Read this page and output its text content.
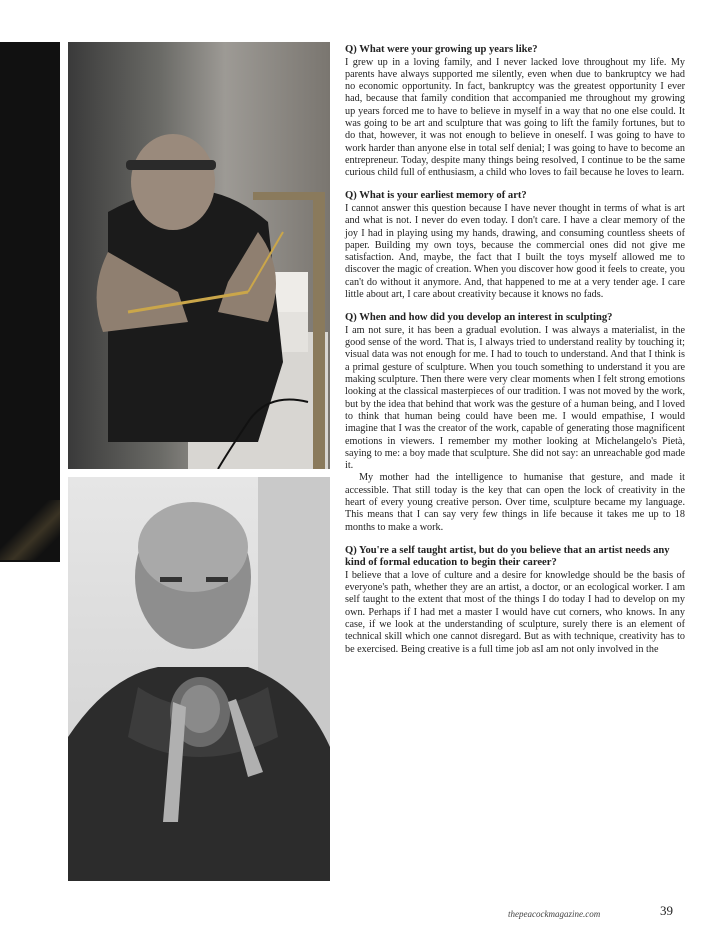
Q) What were your growing up years like?

I grew up in a loving family, and I never lacked love throughout my life. My parents have always supported me silently, even when due to bankruptcy we had no economic opportunity. In fact, bankruptcy was the greatest opportunity I ever had, because that family condition that accompanied me throughout my growing up years forced me to have to believe in myself in a way that no one else could. It was going to be art and sculpture that was going to lift the family fortunes, but to do that, however, it was not enough to believe in oneself. I was going to have to work harder than anyone else in total self denial; I was going to have to become an entrepreneur. Today, despite many things being resolved, I continue to be the same curious child full of enthusiasm, a child who loves to fail because he loves to learn.

Q) What is your earliest memory of art?

I cannot answer this question because I have never thought in terms of what is art and what is not. I never do even today. I don't care. I have a clear memory of the joy I had in playing using my hands, drawing, and consuming countless sheets of paper. Building my own toys, because the commercial ones did not give me satisfaction. And, maybe, the fact that I built the toys myself allowed me to discover the magic of creation. When you discover how good it feels to create, you can't do without it anymore. And, that happened to me at a very tender age. I care little about art, I care about creativity because it knows no fads.

Q) When and how did you develop an interest in sculpting?

I am not sure, it has been a gradual evolution. I was always a materialist, in the good sense of the word. That is, I always tried to understand reality by touching it; visual data was not enough for me. I had to touch to understand. And that I think is a primal gesture of sculpture. When you touch something to understand it you are making sculpture. Then there were very clear moments when I felt strong emotions looking at the classical masterpieces of our tradition. I was not moved by the work, but by the idea that behind that work was the gesture of a human being, and I loved to think that human being could have been me. I would empathise, I would imagine that I was the creator of the work, capable of generating those magnificent emotions in viewers. I remember my mother looking at Michelangelo's Pietà, saying to me: a boy made that sculpture. She did not say: an unreachable god made it.

My mother had the intelligence to humanise that gesture, and made it accessible. That still today is the key that can open the lock of creativity in the heart of every young creative person. Over time, sculpture became my language. This means that I can say very few things in life because it takes me up to 18 months to make a work.

Q) You're a self taught artist, but do you believe that an artist needs any kind of formal education to begin their career?

I believe that a love of culture and a desire for knowledge should be the basis of everyone's path, whether they are an artist, a doctor, or an ecological worker. I am self taught to the extent that most of the things I do today I had to develop on my own. Perhaps if I had met a master I would have cut corners, who knows. In any case, if we look at the understanding of sculpture, surely there is an element of technical skill which one cannot disregard. But as with technique, creativity has to be exercised. Being creative is a full time job asI am not only involved in the

thepeacockmagazine.com	39
